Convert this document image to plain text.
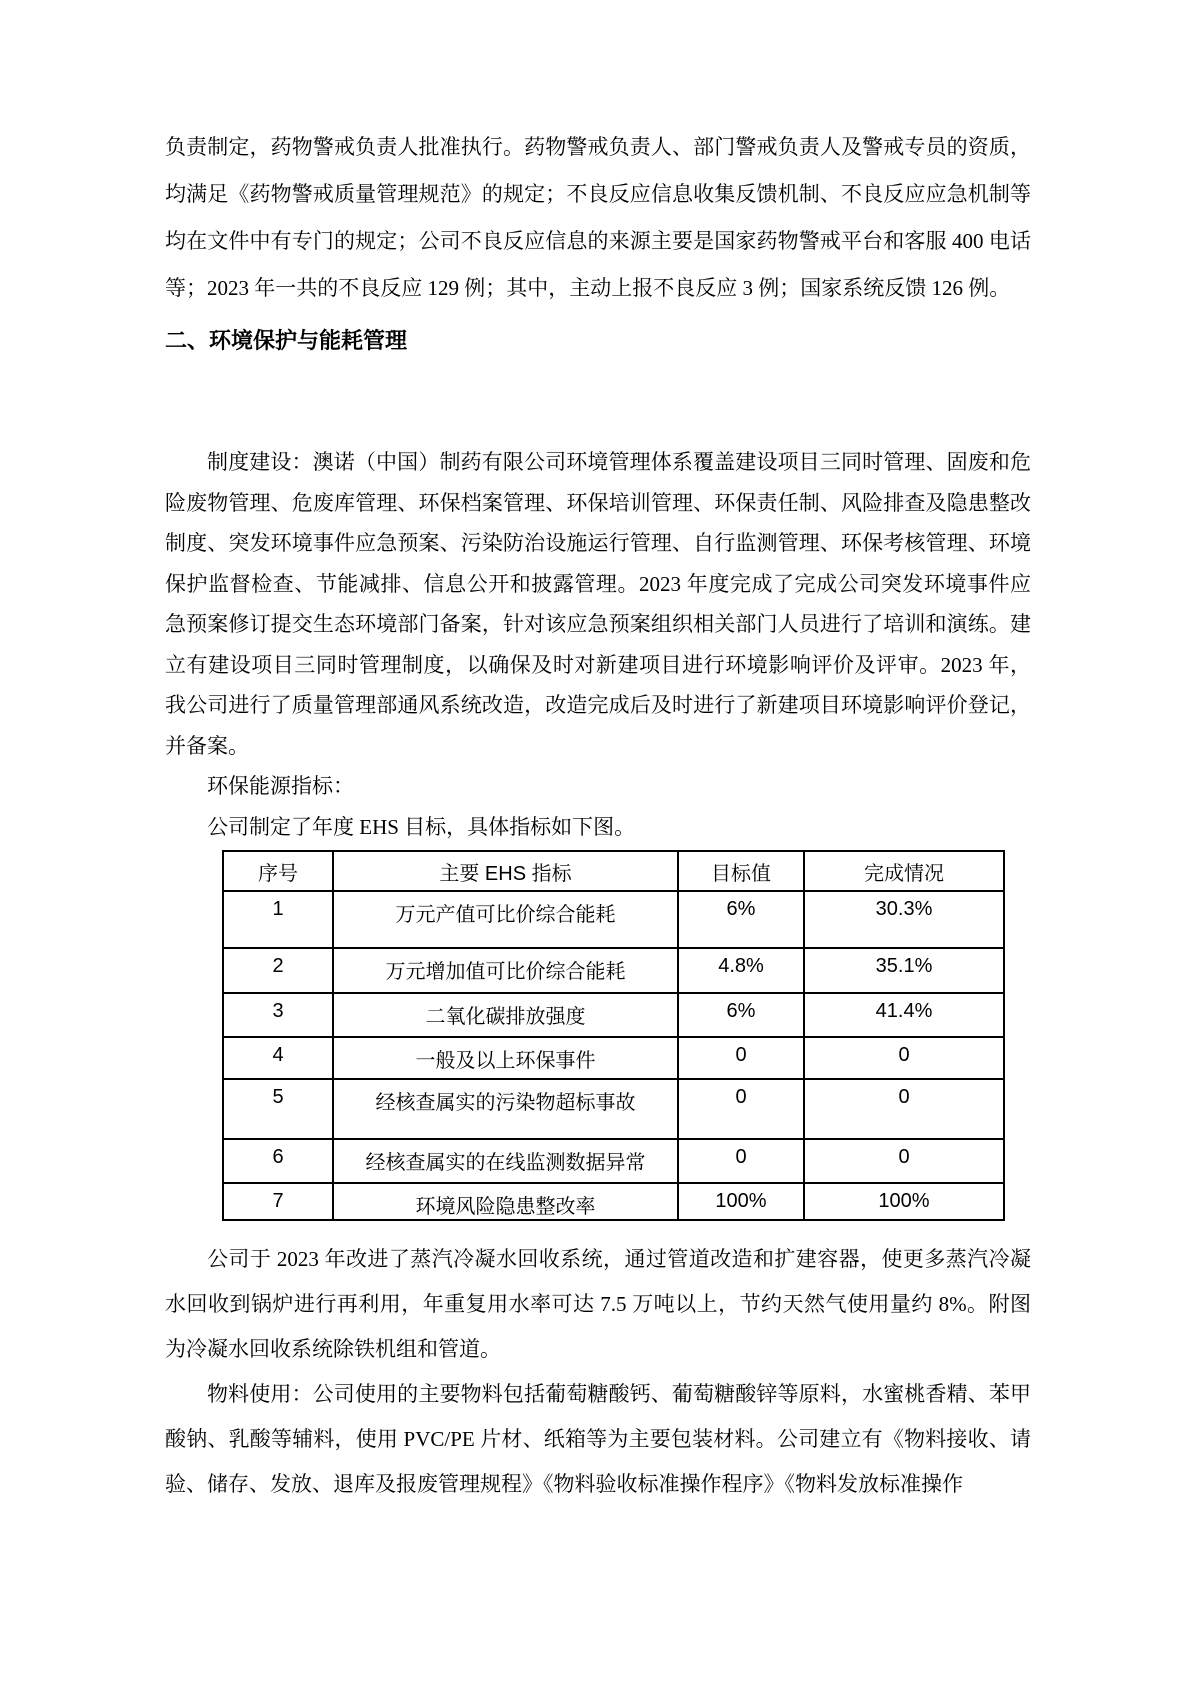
负责制定，药物警戒负责人批准执行。药物警戒负责人、部门警戒负责人及警戒专员的资质，均满足《药物警戒质量管理规范》的规定；不良反应信息收集反馈机制、不良反应应急机制等均在文件中有专门的规定；公司不良反应信息的来源主要是国家药物警戒平台和客服 400 电话等；2023 年一共的不良反应 129 例；其中，主动上报不良反应 3 例；国家系统反馈 126 例。

二、环境保护与能耗管理

制度建设：澳诺（中国）制药有限公司环境管理体系覆盖建设项目三同时管理、固废和危险废物管理、危废库管理、环保档案管理、环保培训管理、环保责任制、风险排查及隐患整改制度、突发环境事件应急预案、污染防治设施运行管理、自行监测管理、环保考核管理、环境保护监督检查、节能减排、信息公开和披露管理。2023 年度完成了完成公司突发环境事件应急预案修订提交生态环境部门备案，针对该应急预案组织相关部门人员进行了培训和演练。建立有建设项目三同时管理制度，以确保及时对新建项目进行环境影响评价及评审。2023 年，我公司进行了质量管理部通风系统改造，改造完成后及时进行了新建项目环境影响评价登记，并备案。

环保能源指标：

公司制定了年度 EHS 目标，具体指标如下图。

序号	主要 EHS 指标	目标值	完成情况
1	万元产值可比价综合能耗	6%	30.3%
2	万元增加值可比价综合能耗	4.8%	35.1%
3	二氧化碳排放强度	6%	41.4%
4	一般及以上环保事件	0	0
5	经核查属实的污染物超标事故	0	0
6	经核查属实的在线监测数据异常	0	0
7	环境风险隐患整改率	100%	100%

公司于 2023 年改进了蒸汽冷凝水回收系统，通过管道改造和扩建容器，使更多蒸汽冷凝水回收到锅炉进行再利用，年重复用水率可达 7.5 万吨以上，节约天然气使用量约 8%。附图为冷凝水回收系统除铁机组和管道。

物料使用：公司使用的主要物料包括葡萄糖酸钙、葡萄糖酸锌等原料，水蜜桃香精、苯甲酸钠、乳酸等辅料，使用 PVC/PE 片材、纸箱等为主要包装材料。公司建立有《物料接收、请验、储存、发放、退库及报废管理规程》《物料验收标准操作程序》《物料发放标准操作
